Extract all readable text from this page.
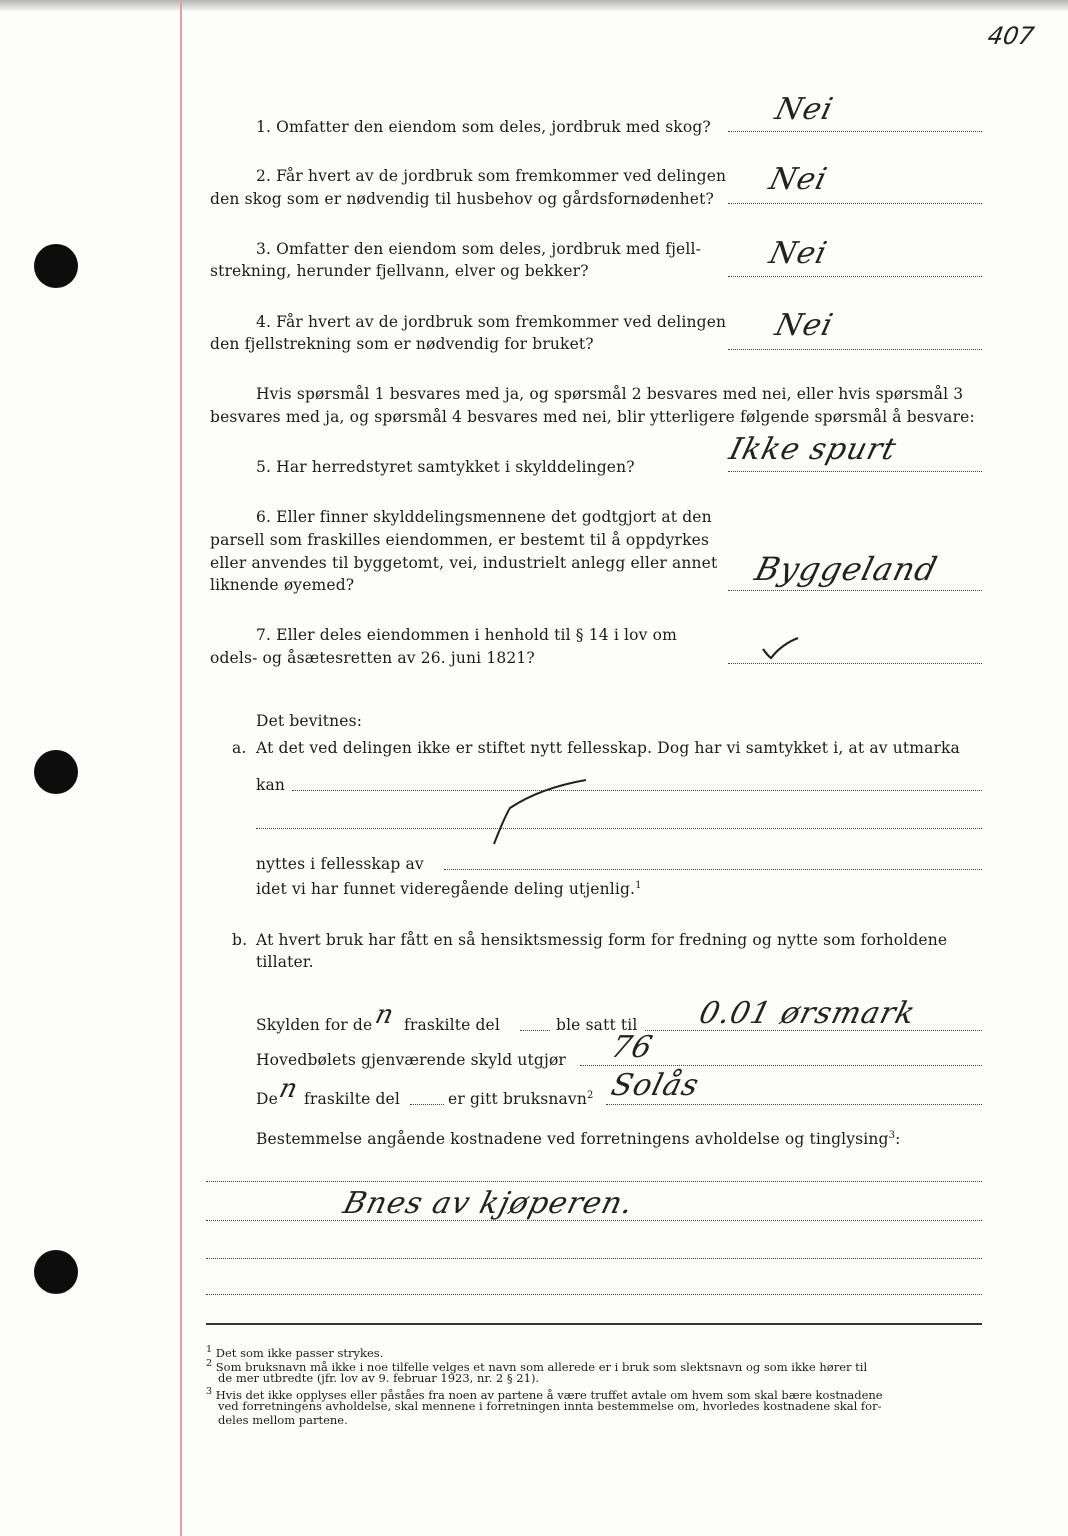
407
1. Omfatter den eiendom som deles, jordbruk med skog? Nei
2. Får hvert av de jordbruk som fremkommer ved delingen
den skog som er nødvendig til husbehov og gårdsfornødenhet?
Nei
3. Omfatter den eiendom som deles, jordbruk med fjell-
strekning, herunder fjellvann, elver og bekker?	Nei
4. Får hvert av de jordbruk som fremkommer ved delingen
den fjellstrekning som er nødvendig for bruket?
Nei
Hvis spørsmål 1 besvares med ja, og spørsmål 2 besvares med nei, eller hvis spørsmål 3
besvares med ja, og spørsmål 4 besvares med nei, blir ytterligere følgende spørsmål å besvare:
5. Har herredstyret samtykket i skylddelingen?	Ikke spurt
6. Eller finner skylddelingsmennene det godtgjort at den
parsell som fraskilles eiendommen, er bestemt til å oppdyrkes
eller anvendes til byggetomt, vei, industrielt anlegg eller annet
liknende øyemed?	Byggeland
7. Eller deles eiendommen i henhold til § 14 i lov om
odels- og åsætesretten av 26. juni 1821?
Det bevitnes:
a. At det ved delingen ikke er stiftet nytt fellesskap. Dog har vi samtykket i, at av utmarka
kan
nyttes i fellesskap av
idet vi har funnet videregående deling utjenlig.$^1$
b. At hvert bruk har fått en så hensiktsmessig form for fredning og nytte som forholdene
tillater.
Skylden for de n fraskilte del	ble satt til 0.01 ørsmark
Hovedbølets gjenværende skyld utgjør 76
De
n fraskilte del	er gitt bruksnavn$^2$ Solås
Bestemmelse angående kostnadene ved forretningens avholdelse og tinglysing$^3$:
Bnes av kjøperen.
$^1$ Det som ikke passer strykes.
$^2$ Som bruksnavn må ikke i noe tilfelle velges et navn som allerede er i bruk som slektsnavn og som ikke hører til
de mer utbredte (jfr. lov av 9. februar 1923, nr. 2 § 21).
$^3$ Hvis det ikke opplyses eller påståes fra noen av partene å være truffet avtale om hvem som skal bære kostnadene
ved forretningens avholdelse, skal mennene i forretningen innta bestemmelse om, hvorledes kostnadene skal for-
deles mellom partene.
